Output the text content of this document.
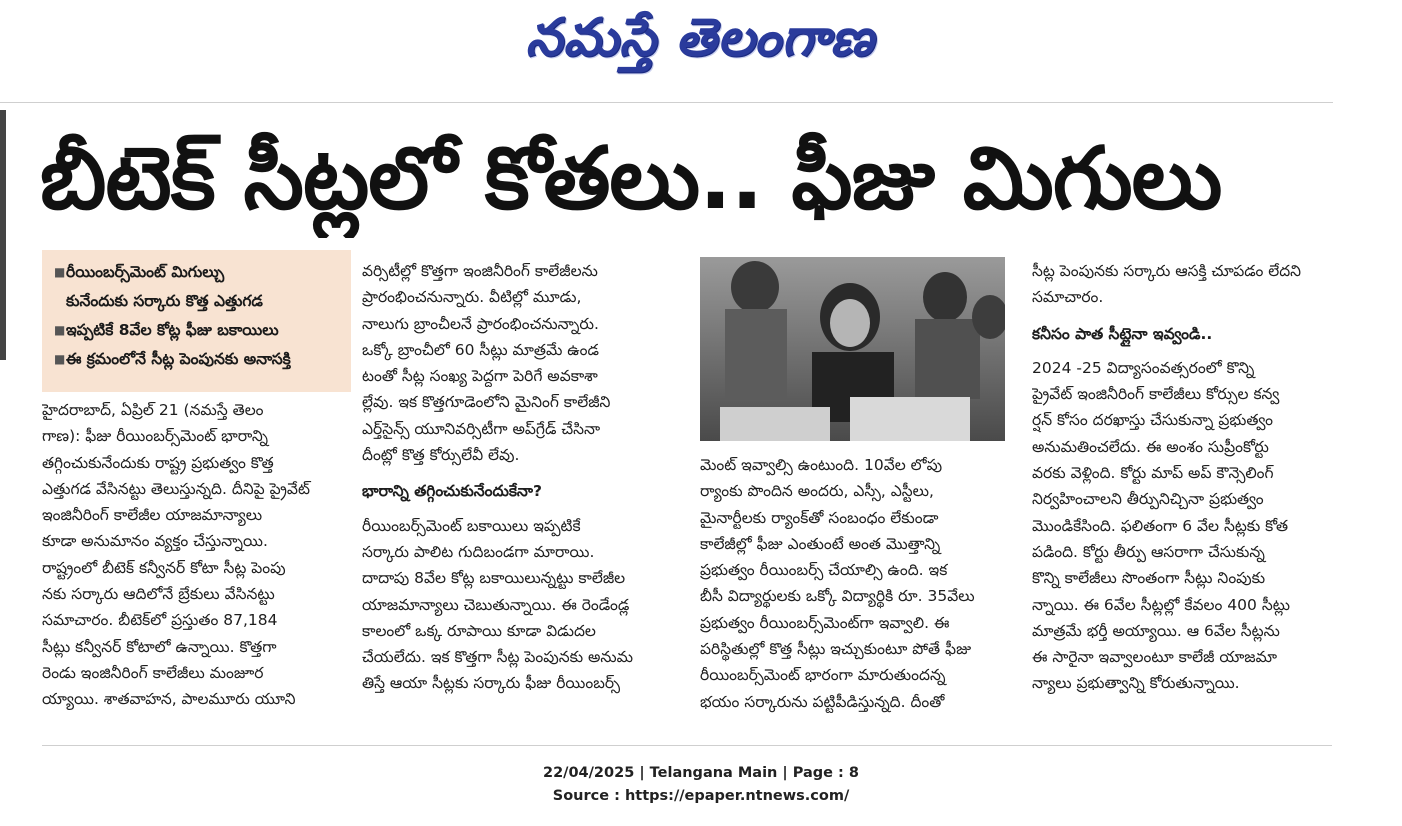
నమస్తే తెలంగాణ
బీటెక్ సీట్లలో కోతలు.. ఫీజు మిగులు
■ రీయింబర్స్‌మెంట్ మిగుల్చు
కునేందుకు సర్కారు కొత్త ఎత్తుగడ
■ ఇప్పటికే 8వేల కోట్ల ఫీజు బకాయిలు
■ ఈ క్రమంలోనే సీట్ల పెంపునకు అనాసక్తి

హైదరాబాద్, ఏప్రిల్ 21 (నమస్తే తెలం

గాణ): ఫీజు రీయింబర్స్‌మెంట్ భారాన్ని

తగ్గించుకునేందుకు రాష్ట్ర ప్రభుత్వం కొత్త

ఎత్తుగడ వేసినట్టు తెలుస్తున్నది. దీనిపై ప్రైవేట్

ఇంజినీరింగ్ కాలేజీల యాజమాన్యాలు

కూడా అనుమానం వ్యక్తం చేస్తున్నాయి.

రాష్ట్రంలో బీటెక్ కన్వీనర్ కోటా సీట్ల పెంపు

నకు సర్కారు ఆదిలోనే బ్రేకులు వేసినట్టు

సమాచారం. బీటెక్‌లో ప్రస్తుతం 87,184

సీట్లు కన్వీనర్ కోటాలో ఉన్నాయి. కొత్తగా

రెండు ఇంజినీరింగ్ కాలేజీలు మంజూర

య్యాయి. శాతవాహన, పాలమూరు యూని

వర్సిటీల్లో కొత్తగా ఇంజినీరింగ్ కాలేజీలను

ప్రారంభించనున్నారు. వీటిల్లో మూడు,

నాలుగు బ్రాంచీలనే ప్రారంభించనున్నారు.

ఒక్కో బ్రాంచీలో 60 సీట్లు మాత్రమే ఉండ

టంతో సీట్ల సంఖ్య పెద్దగా పెరిగే అవకాశా

ల్లేవు. ఇక కొత్తగూడెంలోని మైనింగ్ కాలేజీని

ఎర్త్‌సైన్స్ యూనివర్సిటీగా అప్‌గ్రేడ్ చేసినా

దీంట్లో కొత్త కోర్సులేవీ లేవు.

భారాన్ని తగ్గించుకునేందుకేనా?

రీయింబర్స్‌మెంట్ బకాయిలు ఇప్పటికే

సర్కారు పాలిట గుదిబండగా మారాయి.

దాదాపు 8వేల కోట్ల బకాయిలున్నట్టు కాలేజీల

యాజమాన్యాలు చెబుతున్నాయి. ఈ రెండేండ్ల

కాలంలో ఒక్క రూపాయి కూడా విడుదల

చేయలేదు. ఇక కొత్తగా సీట్ల పెంపునకు అనుమ

తిస్తే ఆయా సీట్లకు సర్కారు ఫీజు రీయింబర్స్

మెంట్ ఇవ్వాల్సి ఉంటుంది. 10వేల లోపు

ర్యాంకు పొందిన అందరు, ఎస్సీ, ఎస్టీలు,

మైనార్టీలకు ర్యాంక్‌తో సంబంధం లేకుండా

కాలేజీల్లో ఫీజు ఎంతుంటే అంత మొత్తాన్ని

ప్రభుత్వం రీయింబర్స్ చేయాల్సి ఉంది. ఇక

బీసీ విద్యార్థులకు ఒక్కో విద్యార్థికి రూ. 35వేలు

ప్రభుత్వం రీయింబర్స్‌మెంట్‌గా ఇవ్వాలి. ఈ

పరిస్థితుల్లో కొత్త సీట్లు ఇచ్చుకుంటూ పోతే ఫీజు

రీయింబర్స్‌మెంట్ భారంగా మారుతుందన్న

భయం సర్కారును పట్టిపీడిస్తున్నది. దీంతో

సీట్ల పెంపునకు సర్కారు ఆసక్తి చూపడం లేదని

సమాచారం.

కనీసం పాత సీట్లైనా ఇవ్వండి..

2024 -25 విద్యాసంవత్సరంలో కొన్ని

ప్రైవేట్ ఇంజినీరింగ్ కాలేజీలు కోర్సుల కన్వ

ర్షన్ కోసం దరఖాస్తు చేసుకున్నా ప్రభుత్వం

అనుమతించలేదు. ఈ అంశం సుప్రీంకోర్టు

వరకు వెళ్లింది. కోర్టు మాప్ అప్ కౌన్సెలింగ్

నిర్వహించాలని తీర్పునిచ్చినా ప్రభుత్వం

మొండికేసింది. ఫలితంగా 6 వేల సీట్లకు కోత

పడింది. కోర్టు తీర్పు ఆసరాగా చేసుకున్న

కొన్ని కాలేజీలు సొంతంగా సీట్లు నింపుకు

న్నాయి. ఈ 6వేల సీట్లల్లో కేవలం 400 సీట్లు

మాత్రమే భర్తీ అయ్యాయి. ఆ 6వేల సీట్లను

ఈ సారైనా ఇవ్వాలంటూ కాలేజీ యాజమా

న్యాలు ప్రభుత్వాన్ని కోరుతున్నాయి.

22/04/2025 | Telangana Main | Page : 8
Source : https://epaper.ntnews.com/
